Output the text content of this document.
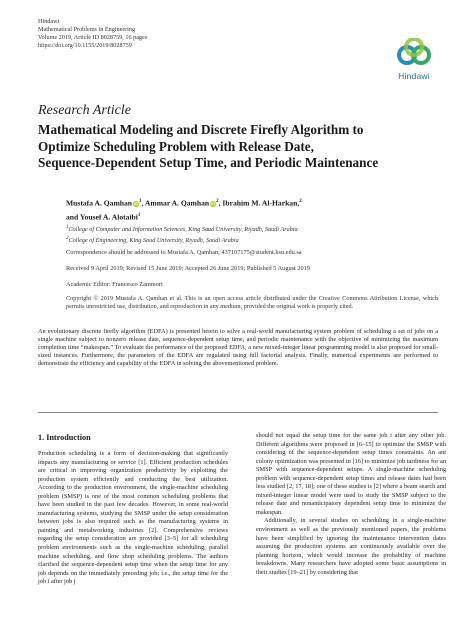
Hindawi
Mathematical Problems in Engineering
Volume 2019, Article ID 8028759, 16 pages
https://doi.org/10.1155/2019/8028759
Hindawi
Research Article
Mathematical Modeling and Discrete Firefly Algorithm to
Optimize Scheduling Problem with Release Date,
Sequence-Dependent Setup Time, and Periodic Maintenance
Mustafa A. Qamhan $iD^1$, Ammar A. Qamhan $iD^2$, Ibrahim M. Al-Harkan,$^2$
and Yousef A. Alotaibi$^1$
$^1$College of Computer and Information Sciences, King Saud University, Riyadh, Saudi Arabia
$^2$College of Engineering, King Saud University, Riyadh, Saudi Arabia
Correspondence should be addressed to Mustafa A. Qamhan; 437107175@student.ksu.edu.sa
Received 9 April 2019; Revised 15 June 2019; Accepted 26 June 2019; Published 5 August 2019
Academic Editor: Francesco Zammori
Copyright © 2019 Mustafa A. Qamhan et al. This is an open access article distributed under the Creative Commons Attribution License, which permits unrestricted use, distribution, and reproduction in any medium, provided the original work is properly cited.
An evolutionary discrete firefly algorithm (EDFA) is presented herein to solve a real-world manufacturing system problem of scheduling a set of jobs on a single machine subject to nonzero release date, sequence-dependent setup time, and periodic maintenance with the objective of minimizing the maximum completion time “makespan.” To evaluate the performance of the proposed EDFA, a new mixed-integer linear programming model is also proposed for small-sized instances. Furthermore, the parameters of the EDFA are regulated using full factorial analysis. Finally, numerical experiments are performed to demonstrate the efficiency and capability of the EDFA in solving the abovementioned problem.
1. Introduction

Production scheduling is a form of decision-making that significantly impacts any manufacturing or service [1]. Efficient production schedules are critical in improving organization productivity by exploiting the production system efficiently and conducting the best utilization. According to the production environment, the single-machine scheduling problem (SMSP) is one of the most common scheduling problems that have been studied in the past few decades. However, in some real-world manufacturing systems, studying the SMSP under the setup consideration between jobs is also required such as the manufacturing systems in painting and metalworking industries [2]. Comprehensive reviews regarding the setup consideration are provided [3–5] for all scheduling problem environments such as the single-machine scheduling, parallel machine scheduling, and flow shop scheduling problems. The authors clarified the sequence-dependent setup time when the setup time for any job depends on the immediately preceding job; i.e., the setup time for the job i after job j

should not equal the setup time for the same job i after any other job. Different algorithms were proposed in [6–15] to optimize the SMSP with considering of the sequence-dependent setup times constraints. An ant colony optimization was presented in [16] to minimize job tardiness for an SMSP with sequence-dependent setups. A single-machine scheduling problem with sequence-dependent setup times and release dates had been less studied [2, 17, 18]; one of these studies is [2] where a beam search and mixed-integer linear model were used to study the SMSP subject to the release date and nonanticipatory dependent setup time to minimize the makespan.

Additionally, in several studies on scheduling in a single-machine environment as well as the previously mentioned papers, the problems have been simplified by ignoring the maintenance intervention dates assuming the production systems are continuously available over the planning horizon, which would increase the probability of machine breakdowns. Many researchers have adopted some basic assumptions in their studies [19–21] by considering that
